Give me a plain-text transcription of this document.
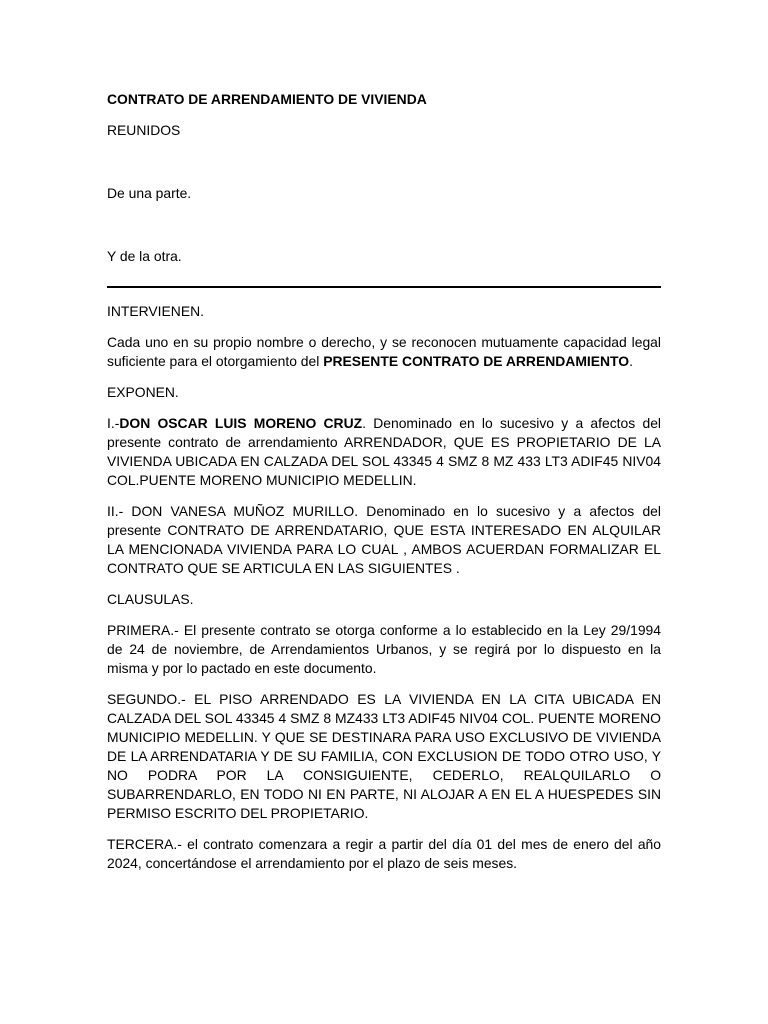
CONTRATO DE ARRENDAMIENTO DE VIVIENDA
REUNIDOS
De una parte.
Y de la otra.
INTERVIENEN.
Cada uno en su propio nombre o derecho, y se reconocen mutuamente capacidad legal suficiente para el otorgamiento del PRESENTE CONTRATO DE ARRENDAMIENTO.
EXPONEN.
I.-DON OSCAR LUIS MORENO CRUZ. Denominado en lo sucesivo y a afectos del presente contrato de arrendamiento ARRENDADOR, QUE ES PROPIETARIO DE LA VIVIENDA UBICADA EN CALZADA DEL SOL 43345 4 SMZ 8 MZ 433 LT3 ADIF45 NIV04 COL.PUENTE MORENO MUNICIPIO MEDELLIN.
II.- DON VANESA MUÑOZ MURILLO. Denominado en lo sucesivo y a afectos del presente CONTRATO DE ARRENDATARIO, QUE ESTA INTERESADO EN ALQUILAR LA MENCIONADA VIVIENDA PARA LO CUAL , AMBOS ACUERDAN FORMALIZAR EL CONTRATO QUE SE ARTICULA EN LAS SIGUIENTES .
CLAUSULAS.
PRIMERA.- El presente contrato se otorga conforme a lo establecido en la Ley 29/1994 de 24 de noviembre, de Arrendamientos Urbanos, y se regirá por lo dispuesto en la misma y por lo pactado en este documento.
SEGUNDO.- EL PISO ARRENDADO ES LA VIVIENDA EN LA CITA UBICADA EN CALZADA DEL SOL 43345 4 SMZ 8 MZ433 LT3 ADIF45 NIV04 COL. PUENTE MORENO MUNICIPIO MEDELLIN. Y QUE SE DESTINARA PARA USO EXCLUSIVO DE VIVIENDA DE LA ARRENDATARIA Y DE SU FAMILIA, CON EXCLUSION DE TODO OTRO USO, Y NO PODRA POR LA CONSIGUIENTE, CEDERLO, REALQUILARLO O SUBARRENDARLO, EN TODO NI EN PARTE, NI ALOJAR A EN EL A HUESPEDES SIN PERMISO ESCRITO DEL PROPIETARIO.
TERCERA.- el contrato comenzara a regir a partir del día 01 del mes de enero del año 2024, concertándose el arrendamiento por el plazo de seis meses.
